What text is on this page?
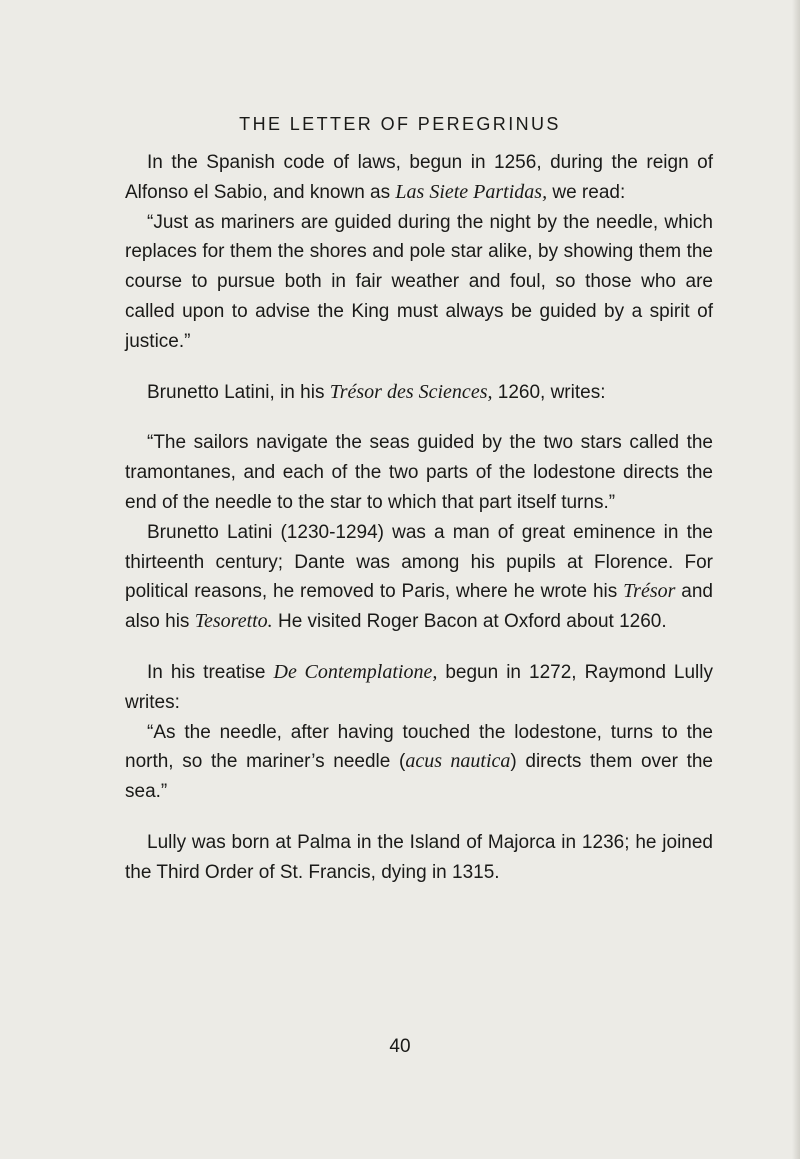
THE LETTER OF PEREGRINUS

In the Spanish code of laws, begun in 1256, during the reign of Alfonso el Sabio, and known as Las Siete Partidas, we read:

“Just as mariners are guided during the night by the needle, which replaces for them the shores and pole star alike, by showing them the course to pursue both in fair weather and foul, so those who are called upon to advise the King must always be guided by a spirit of justice.”

Brunetto Latini, in his Trésor des Sciences, 1260, writes:

“The sailors navigate the seas guided by the two stars called the tramontanes, and each of the two parts of the lodestone directs the end of the needle to the star to which that part itself turns.”

Brunetto Latini (1230-1294) was a man of great eminence in the thirteenth century; Dante was among his pupils at Florence. For political reasons, he removed to Paris, where he wrote his Trésor and also his Tesoretto. He visited Roger Bacon at Oxford about 1260.

In his treatise De Contemplatione, begun in 1272, Raymond Lully writes:

“As the needle, after having touched the lodestone, turns to the north, so the mariner’s needle (acus nautica) directs them over the sea.”

Lully was born at Palma in the Island of Majorca in 1236; he joined the Third Order of St. Francis, dying in 1315.

40
